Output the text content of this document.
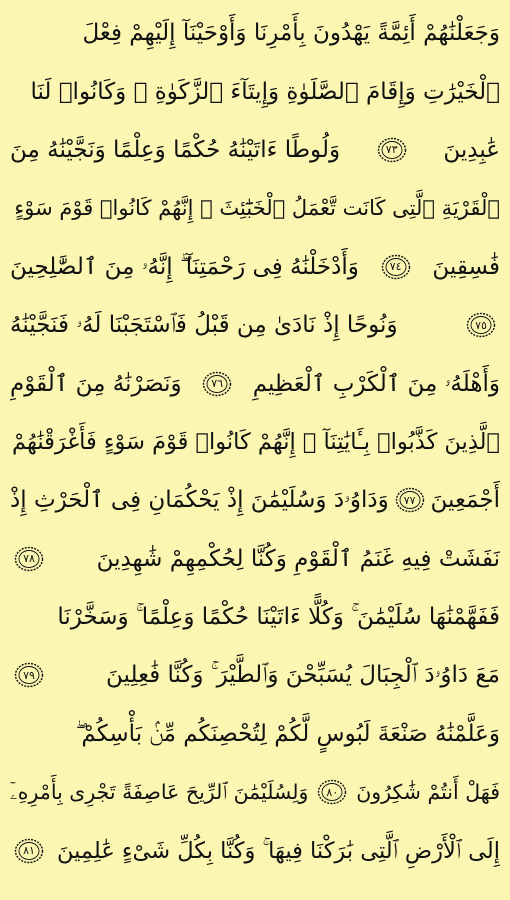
وَجَعَلْنَٰهُمْ أَئِمَّةً يَهْدُونَ بِأَمْرِنَا وَأَوْحَيْنَآ إِلَيْهِمْ فِعْلَ
ٱلْخَيْرَٰتِ وَإِقَامَ ٱلصَّلَوٰةِ وَإِيتَآءَ ٱلزَّكَوٰةِ ۖ وَكَانُوا۟ لَنَا
عَٰبِدِينَ
٧٣
وَلُوطًا ءَاتَيْنَٰهُ حُكْمًا وَعِلْمًا وَنَجَّيْنَٰهُ مِنَ
ٱلْقَرْيَةِ ٱلَّتِى كَانَت تَّعْمَلُ ٱلْخَبَٰٓئِثَ ۗ إِنَّهُمْ كَانُوا۟ قَوْمَ سَوْءٍ
فَٰسِقِينَ
٧٤
وَأَدْخَلْنَٰهُ فِى رَحْمَتِنَآ ۖ إِنَّهُۥ مِنَ ٱلصَّٰلِحِينَ
٧٥
وَنُوحًا إِذْ نَادَىٰ مِن قَبْلُ فَٱسْتَجَبْنَا لَهُۥ فَنَجَّيْنَٰهُ
وَأَهْلَهُۥ مِنَ ٱلْكَرْبِ ٱلْعَظِيمِ
٧٦
وَنَصَرْنَٰهُ مِنَ ٱلْقَوْمِ
ٱلَّذِينَ كَذَّبُوا۟ بِـَٔايَٰتِنَآ ۚ إِنَّهُمْ كَانُوا۟ قَوْمَ سَوْءٍ فَأَغْرَقْنَٰهُمْ
أَجْمَعِينَ
٧٧
وَدَاوُۥدَ وَسُلَيْمَٰنَ إِذْ يَحْكُمَانِ فِى ٱلْحَرْثِ إِذْ
نَفَشَتْ فِيهِ غَنَمُ ٱلْقَوْمِ وَكُنَّا لِحُكْمِهِمْ شَٰهِدِينَ
٧٨
فَفَهَّمْنَٰهَا سُلَيْمَٰنَ ۚ وَكُلًّا ءَاتَيْنَا حُكْمًا وَعِلْمًا ۚ وَسَخَّرْنَا
مَعَ دَاوُۥدَ ٱلْجِبَالَ يُسَبِّحْنَ وَٱلطَّيْرَ ۚ وَكُنَّا فَٰعِلِينَ
٧٩
وَعَلَّمْنَٰهُ صَنْعَةَ لَبُوسٍ لَّكُمْ لِتُحْصِنَكُم مِّنۢ بَأْسِكُمْ ۖ
فَهَلْ أَنتُمْ شَٰكِرُونَ
٨٠
وَلِسُلَيْمَٰنَ ٱلرِّيحَ عَاصِفَةً تَجْرِى بِأَمْرِهِۦٓ
إِلَى ٱلْأَرْضِ ٱلَّتِى بَٰرَكْنَا فِيهَا ۚ وَكُنَّا بِكُلِّ شَىْءٍ عَٰلِمِينَ
٨١
